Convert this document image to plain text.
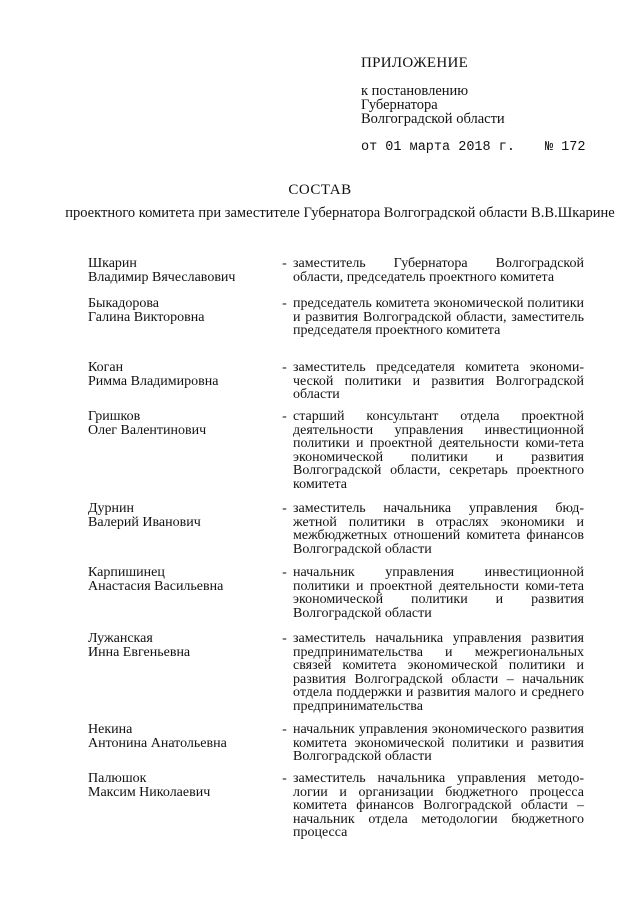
ПРИЛОЖЕНИЕ
к постановлению
Губернатора
Волгоградской области
от 01 марта 2018 г. № 172
СОСТАВ
проектного комитета при заместителе Губернатора Волгоградской области В.В.Шкарине
Шкарин
Владимир Вячеславович
- заместитель Губернатора Волгоградской области, председатель проектного комитета
Быкадорова
Галина Викторовна
- председатель комитета экономической политики и развития Волгоградской области, заместитель председателя проектного комитета
Коган
Римма Владимировна
- заместитель председателя комитета экономи-ческой политики и развития Волгоградской области
Гришков
Олег Валентинович
- старший консультант отдела проектной деятельности управления инвестиционной политики и проектной деятельности коми-тета экономической политики и развития Волгоградской области, секретарь проектного комитета
Дурнин
Валерий Иванович
- заместитель начальника управления бюд-жетной политики в отраслях экономики и межбюджетных отношений комитета финансов Волгоградской области
Карпишинец
Анастасия Васильевна
- начальник управления инвестиционной политики и проектной деятельности коми-тета экономической политики и развития Волгоградской области
Лужанская
Инна Евгеньевна
- заместитель начальника управления развития предпринимательства и межрегиональных связей комитета экономической политики и развития Волгоградской области – начальник отдела поддержки и развития малого и среднего предпринимательства
Некина
Антонина Анатольевна
- начальник управления экономического развития комитета экономической политики и развития Волгоградской области
Палюшок
Максим Николаевич
- заместитель начальника управления методо-логии и организации бюджетного процесса комитета финансов Волгоградской области – начальник отдела методологии бюджетного процесса
